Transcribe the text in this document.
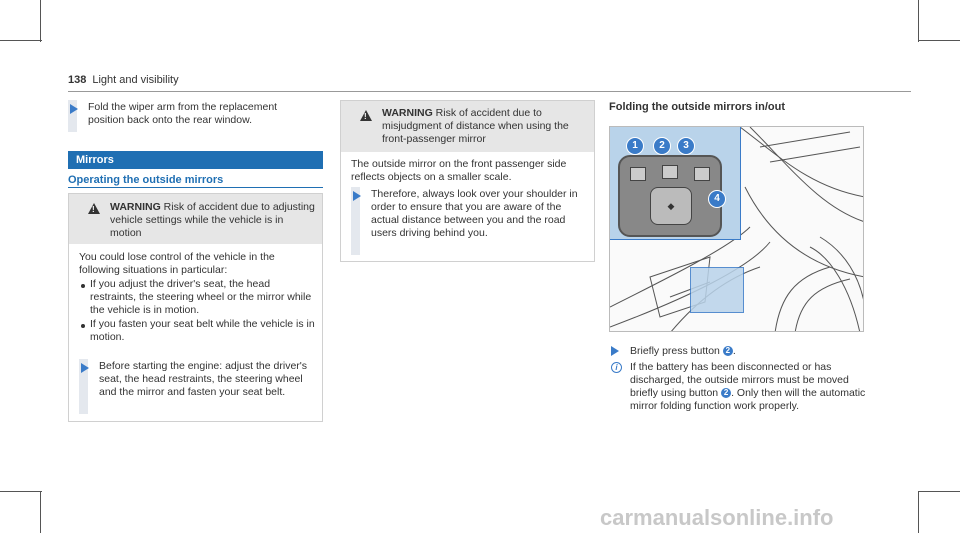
138 Light and visibility
Fold the wiper arm from the replacement position back onto the rear window.
Mirrors
Operating the outside mirrors
! WARNING Risk of accident due to adjusting vehicle settings while the vehicle is in motion
You could lose control of the vehicle in the following situations in particular:
If you adjust the driver's seat, the head restraints, the steering wheel or the mirror while the vehicle is in motion.
If you fasten your seat belt while the vehicle is in motion.
Before starting the engine: adjust the driver's seat, the head restraints, the steering wheel and the mirror and fasten your seat belt.
! WARNING Risk of accident due to misjudgment of distance when using the front-passenger mirror
The outside mirror on the front passenger side reflects objects on a smaller scale.
Therefore, always look over your shoulder in order to ensure that you are aware of the actual distance between you and the road users driving behind you.
Folding the outside mirrors in/out
◆
1	2	3
4
Briefly press button 2 .
i	If the battery has been disconnected or has discharged, the outside mirrors must be moved briefly using button 2 . Only then will the automatic mirror folding function work properly.
carmanualsonline.info
